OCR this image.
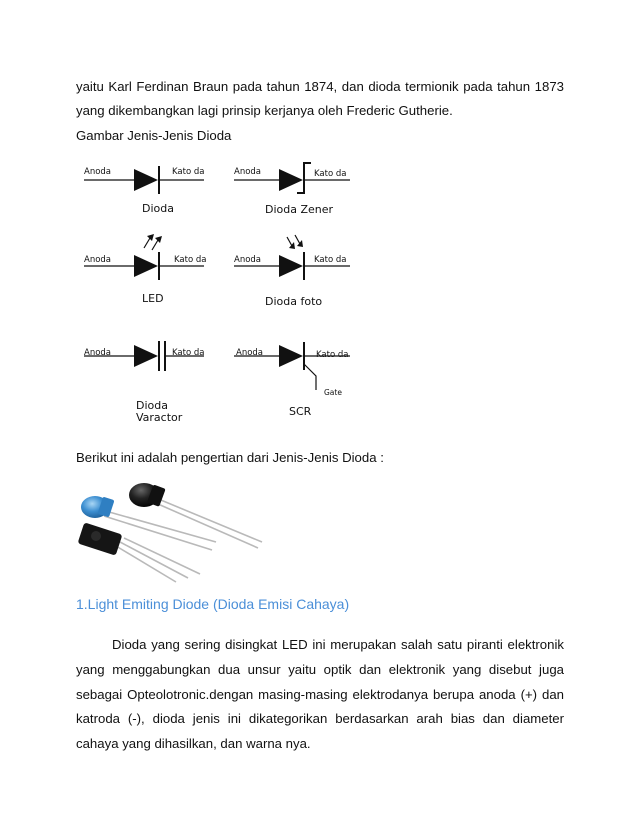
yaitu Karl Ferdinan Braun pada tahun 1874, dan dioda termionik pada tahun 1873 yang dikembangkan lagi prinsip kerjanya oleh Frederic Gutherie.

Gambar Jenis-Jenis Dioda

Anoda	Kato da
Dioda
Anoda	Kato da
Dioda Zener
Anoda	Kato da
LED
Anoda	Kato da
Dioda foto
Anoda	Kato da
Dioda
Varactor
Anoda	Kato da
SCR
Gate

Berikut ini adalah pengertian dari Jenis-Jenis Dioda :

1.Light Emiting Diode (Dioda Emisi Cahaya)

Dioda yang sering disingkat LED ini merupakan salah satu piranti elektronik yang menggabungkan dua unsur yaitu optik dan elektronik yang disebut juga sebagai Opteolotronic.dengan masing-masing elektrodanya berupa anoda (+) dan katroda (-), dioda jenis ini dikategorikan berdasarkan arah bias dan diameter cahaya yang dihasilkan, dan warna nya.
